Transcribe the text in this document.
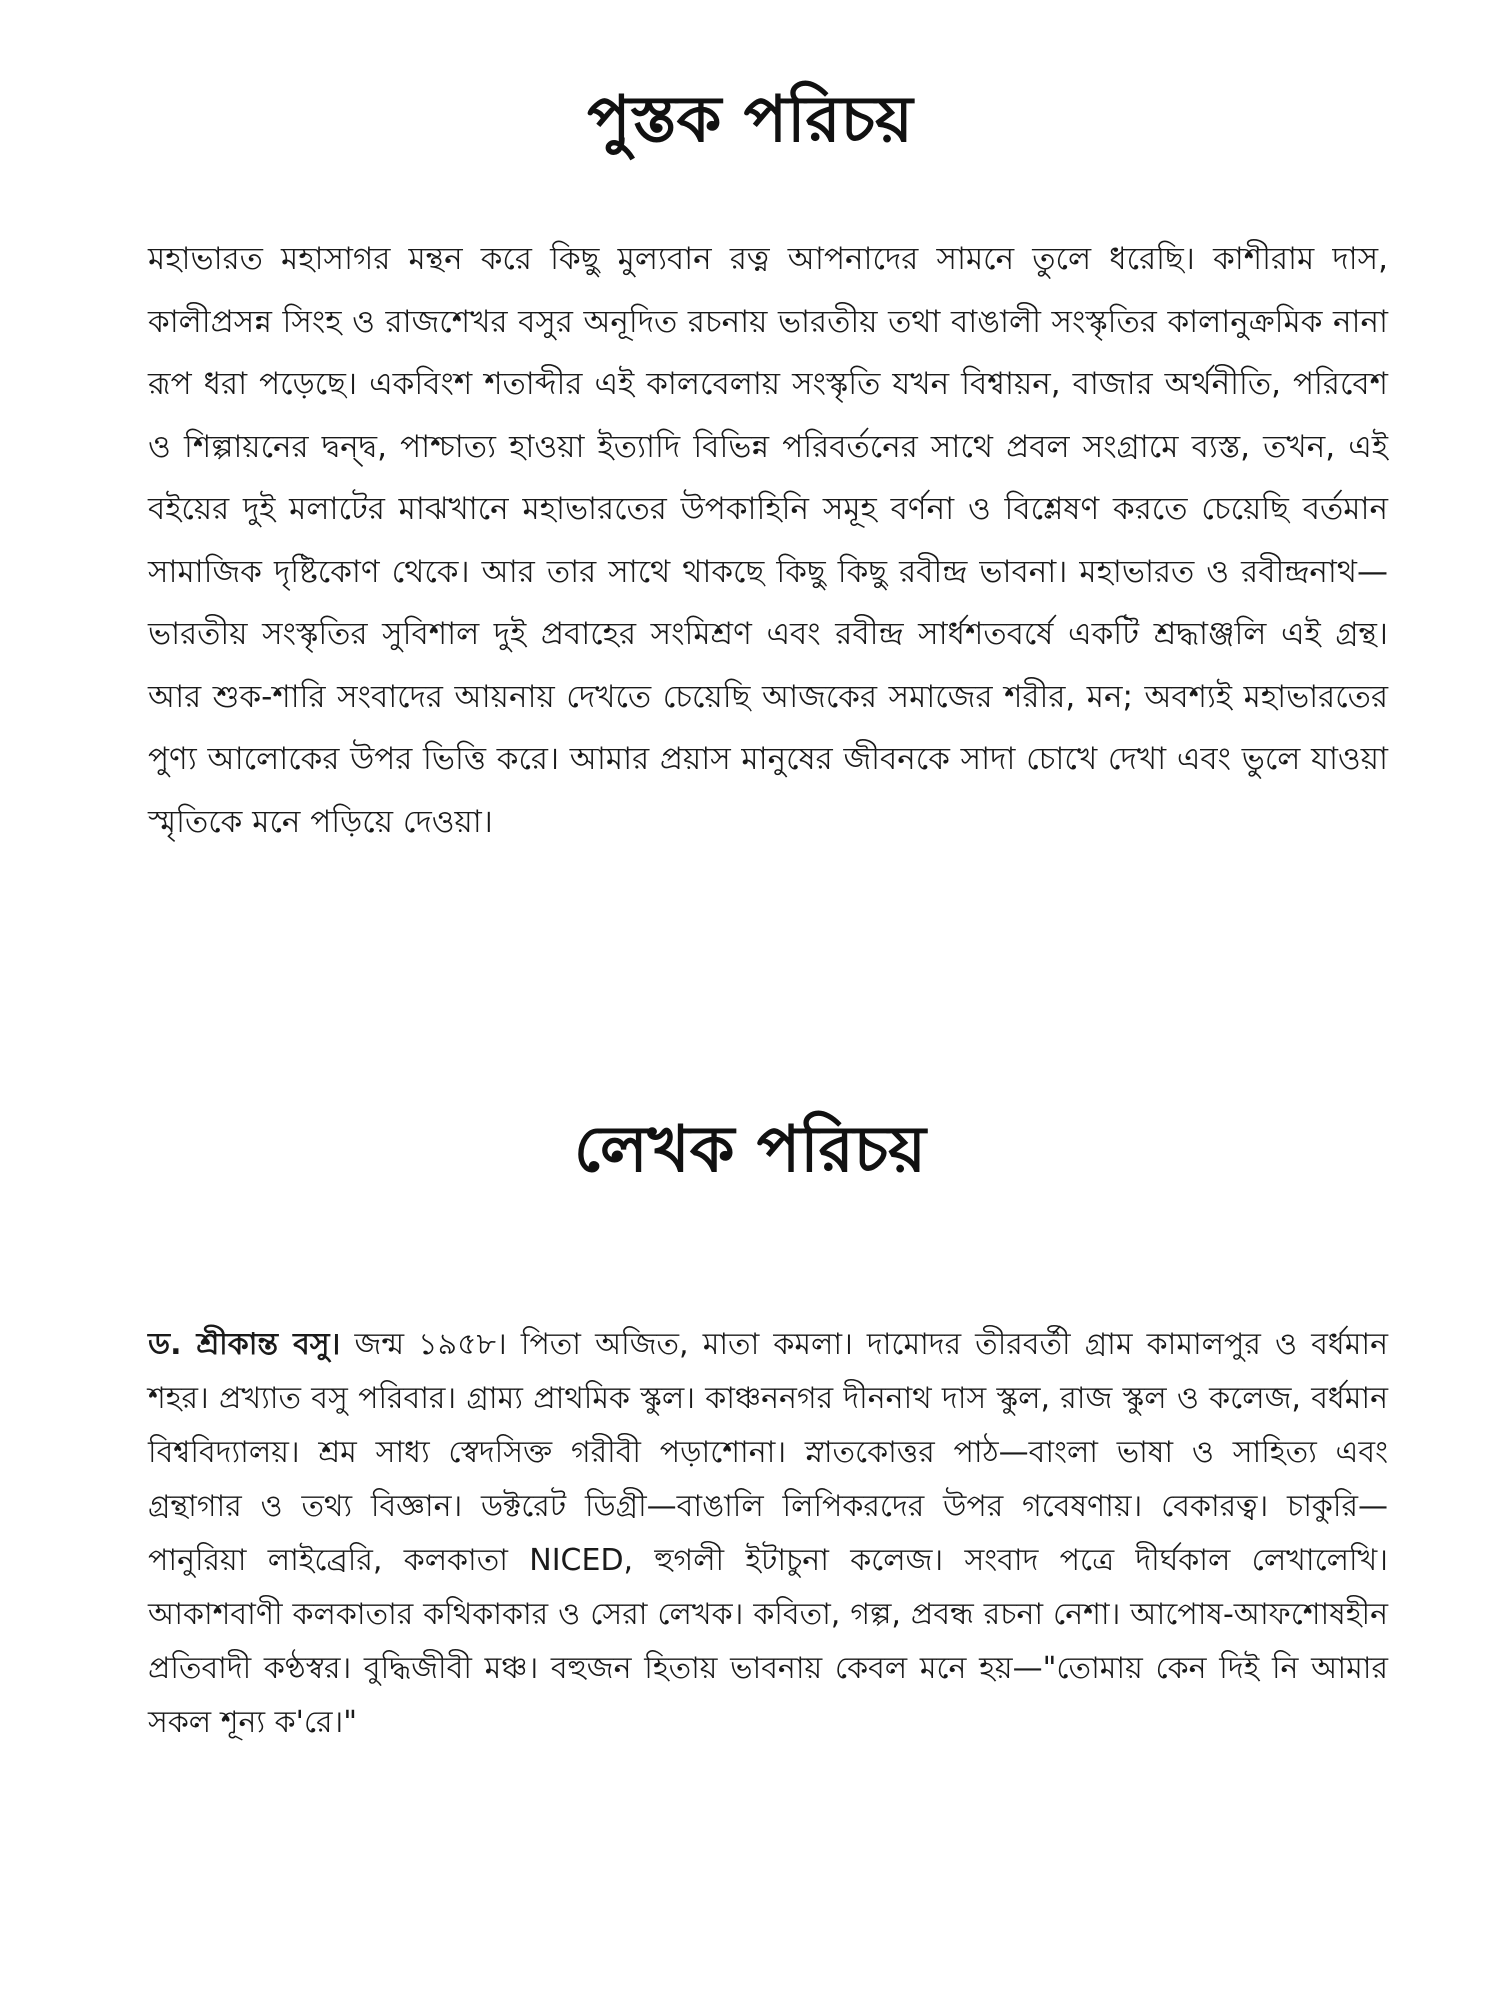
পুস্তক পরিচয়

মহাভারত মহাসাগর মন্থন করে কিছু মুল্যবান রত্ন আপনাদের সামনে তুলে ধরেছি। কাশীরাম দাস, কালীপ্রসন্ন সিংহ ও রাজশেখর বসুর অনূদিত রচনায় ভারতীয় তথা বাঙালী সংস্কৃতির কালানুক্রমিক নানা রূপ ধরা পড়েছে। একবিংশ শতাব্দীর এই কালবেলায় সংস্কৃতি যখন বিশ্বায়ন, বাজার অর্থনীতি, পরিবেশ ও শিল্পায়নের দ্বন্দ্ব, পাশ্চাত্য হাওয়া ইত্যাদি বিভিন্ন পরিবর্তনের সাথে প্রবল সংগ্রামে ব্যস্ত, তখন, এই বইয়ের দুই মলাটের মাঝখানে মহাভারতের উপকাহিনি সমূহ বর্ণনা ও বিশ্লেষণ করতে চেয়েছি বর্তমান সামাজিক দৃষ্টিকোণ থেকে। আর তার সাথে থাকছে কিছু কিছু রবীন্দ্র ভাবনা। মহাভারত ও রবীন্দ্রনাথ—ভারতীয় সংস্কৃতির সুবিশাল দুই প্রবাহের সংমিশ্রণ এবং রবীন্দ্র সার্ধশতবর্ষে একটি শ্রদ্ধাঞ্জলি এই গ্রন্থ। আর শুক-শারি সংবাদের আয়নায় দেখতে চেয়েছি আজকের সমাজের শরীর, মন; অবশ্যই মহাভারতের পুণ্য আলোকের উপর ভিত্তি করে। আমার প্রয়াস মানুষের জীবনকে সাদা চোখে দেখা এবং ভুলে যাওয়া স্মৃতিকে মনে পড়িয়ে দেওয়া।

লেখক পরিচয়

ড. শ্রীকান্ত বসু। জন্ম ১৯৫৮। পিতা অজিত, মাতা কমলা। দামোদর তীরবর্তী গ্রাম কামালপুর ও বর্ধমান শহর। প্রখ্যাত বসু পরিবার। গ্রাম্য প্রাথমিক স্কুল। কাঞ্চননগর দীননাথ দাস স্কুল, রাজ স্কুল ও কলেজ, বর্ধমান বিশ্ববিদ্যালয়। শ্রম সাধ্য স্বেদসিক্ত গরীবী পড়াশোনা। স্নাতকোত্তর পাঠ—বাংলা ভাষা ও সাহিত্য এবং গ্রন্থাগার ও তথ্য বিজ্ঞান। ডক্টরেট ডিগ্রী—বাঙালি লিপিকরদের উপর গবেষণায়। বেকারত্ব। চাকুরি—পানুরিয়া লাইব্রেরি, কলকাতা NICED, হুগলী ইটাচুনা কলেজ। সংবাদ পত্রে দীর্ঘকাল লেখালেখি। আকাশবাণী কলকাতার কথিকাকার ও সেরা লেখক। কবিতা, গল্প, প্রবন্ধ রচনা নেশা। আপোষ-আফশোষহীন প্রতিবাদী কণ্ঠস্বর। বুদ্ধিজীবী মঞ্চ। বহুজন হিতায় ভাবনায় কেবল মনে হয়—"তোমায় কেন দিই নি আমার সকল শূন্য ক'রে।"
